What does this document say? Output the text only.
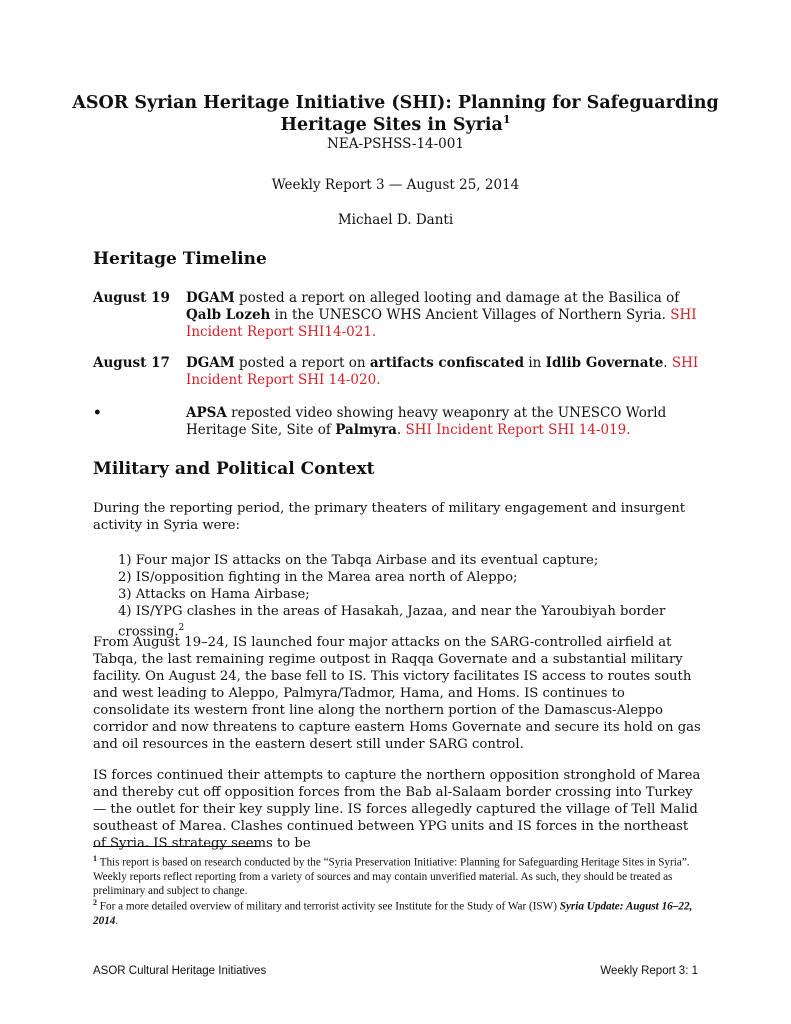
ASOR Syrian Heritage Initiative (SHI): Planning for Safeguarding
Heritage Sites in Syria$^1$
NEA-PSHSS-14-001
Weekly Report 3 — August 25, 2014
Michael D. Danti
Heritage Timeline
August 19	DGAM posted a report on alleged looting and damage at the Basilica of Qalb Lozeh in the UNESCO WHS Ancient Villages of Northern Syria. SHI Incident Report SHI14-021.
August 17	DGAM posted a report on artifacts confiscated in Idlib Governate. SHI Incident Report SHI 14-020.
•	APSA reposted video showing heavy weaponry at the UNESCO World Heritage Site, Site of Palmyra. SHI Incident Report SHI 14-019.
Military and Political Context
During the reporting period, the primary theaters of military engagement and insurgent activity in Syria were:
1) Four major IS attacks on the Tabqa Airbase and its eventual capture;
2) IS/opposition fighting in the Marea area north of Aleppo;
3) Attacks on Hama Airbase;
4) IS/YPG clashes in the areas of Hasakah, Jazaa, and near the Yaroubiyah border crossing.$^2$
From August 19–24, IS launched four major attacks on the SARG-controlled airfield at Tabqa, the last remaining regime outpost in Raqqa Governate and a substantial military facility. On August 24, the base fell to IS. This victory facilitates IS access to routes south and west leading to Aleppo, Palmyra/Tadmor, Hama, and Homs. IS continues to consolidate its western front line along the northern portion of the Damascus-Aleppo corridor and now threatens to capture eastern Homs Governate and secure its hold on gas and oil resources in the eastern desert still under SARG control.
IS forces continued their attempts to capture the northern opposition stronghold of Marea and thereby cut off opposition forces from the Bab al-Salaam border crossing into Turkey — the outlet for their key supply line. IS forces allegedly captured the village of Tell Malid southeast of Marea. Clashes continued between YPG units and IS forces in the northeast of Syria. IS strategy seems to be
$^1$ This report is based on research conducted by the “Syria Preservation Initiative: Planning for Safeguarding Heritage Sites in Syria”. Weekly reports reflect reporting from a variety of sources and may contain unverified material. As such, they should be treated as preliminary and subject to change.
$^2$ For a more detailed overview of military and terrorist activity see Institute for the Study of War (ISW) Syria Update: August 16–22, 2014.
ASOR Cultural Heritage Initiatives	Weekly Report 3: 1
